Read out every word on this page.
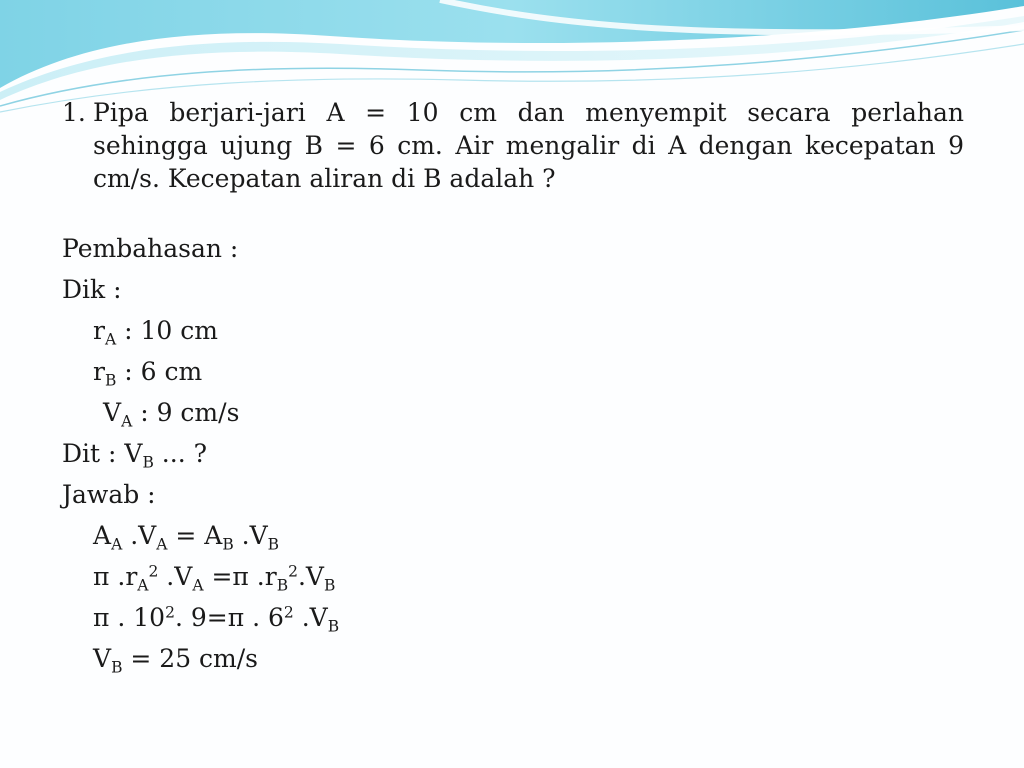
1. Pipa berjari-jari A = 10 cm dan menyempit secara perlahan sehingga ujung B = 6 cm. Air mengalir di A dengan kecepatan 9 cm/s. Kecepatan aliran di B adalah ?
Pembahasan :
Dik :
$r_A$ : 10 cm
$r_B$ : 6 cm
$V_A$ : 9 cm/s
Dit : $V_B$ ... ?
Jawab :
$A_A$ $.V_A = A_B$ $.V_B$
π $.r_A^2$ $.V_A =\pi$ $.r_B^2.V_B$
π . $10^2$. 9=π . $6^2$ $.V_B$
$V_B = 25$ cm/s
